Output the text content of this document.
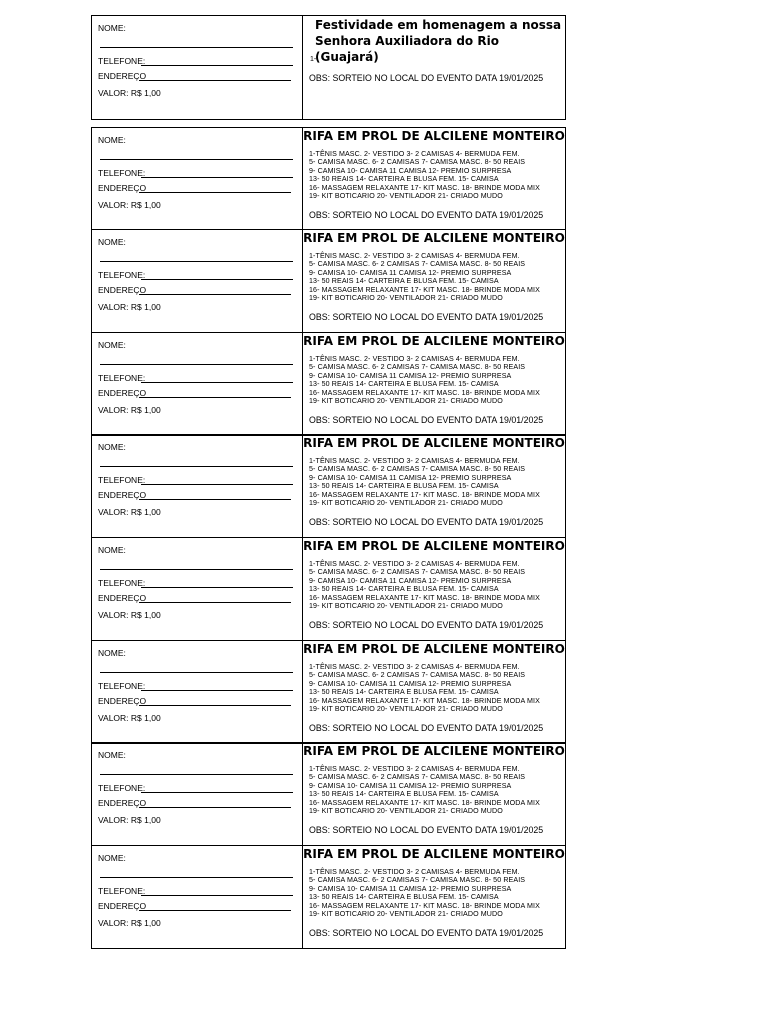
NOME:
TELEFONE:
ENDEREÇO
VALOR: R$ 1,00
Festividade em homenagem a nossa
Senhora Auxiliadora do Rio (Guajará)
1-
OBS: SORTEIO NO LOCAL DO EVENTO DATA 19/01/2025
NOME:
TELEFONE:
ENDEREÇO
VALOR: R$ 1,00
RIFA EM PROL DE ALCILENE MONTEIRO
1-TÊNIS MASC. 2- VESTIDO 3- 2 CAMISAS 4- BERMUDA FEM.
5- CAMISA MASC. 6- 2 CAMISAS 7- CAMISA MASC. 8- 50 REAIS
9- CAMISA 10- CAMISA 11 CAMISA 12- PREMIO SURPRESA
13- 50 REAIS 14- CARTEIRA E BLUSA FEM. 15- CAMISA
16- MASSAGEM RELAXANTE 17- KIT MASC. 18- BRINDE MODA MIX
19- KIT BOTICARIO 20- VENTILADOR 21- CRIADO MUDO
OBS: SORTEIO NO LOCAL DO EVENTO DATA 19/01/2025
NOME:
TELEFONE:
ENDEREÇO
VALOR: R$ 1,00
RIFA EM PROL DE ALCILENE MONTEIRO
1-TÊNIS MASC. 2- VESTIDO 3- 2 CAMISAS 4- BERMUDA FEM.
5- CAMISA MASC. 6- 2 CAMISAS 7- CAMISA MASC. 8- 50 REAIS
9- CAMISA 10- CAMISA 11 CAMISA 12- PREMIO SURPRESA
13- 50 REAIS 14- CARTEIRA E BLUSA FEM. 15- CAMISA
16- MASSAGEM RELAXANTE 17- KIT MASC. 18- BRINDE MODA MIX
19- KIT BOTICARIO 20- VENTILADOR 21- CRIADO MUDO
OBS: SORTEIO NO LOCAL DO EVENTO DATA 19/01/2025
NOME:
TELEFONE:
ENDEREÇO
VALOR: R$ 1,00
RIFA EM PROL DE ALCILENE MONTEIRO
1-TÊNIS MASC. 2- VESTIDO 3- 2 CAMISAS 4- BERMUDA FEM.
5- CAMISA MASC. 6- 2 CAMISAS 7- CAMISA MASC. 8- 50 REAIS
9- CAMISA 10- CAMISA 11 CAMISA 12- PREMIO SURPRESA
13- 50 REAIS 14- CARTEIRA E BLUSA FEM. 15- CAMISA
16- MASSAGEM RELAXANTE 17- KIT MASC. 18- BRINDE MODA MIX
19- KIT BOTICARIO 20- VENTILADOR 21- CRIADO MUDO
OBS: SORTEIO NO LOCAL DO EVENTO DATA 19/01/2025
NOME:
TELEFONE:
ENDEREÇO
VALOR: R$ 1,00
RIFA EM PROL DE ALCILENE MONTEIRO
1-TÊNIS MASC. 2- VESTIDO 3- 2 CAMISAS 4- BERMUDA FEM.
5- CAMISA MASC. 6- 2 CAMISAS 7- CAMISA MASC. 8- 50 REAIS
9- CAMISA 10- CAMISA 11 CAMISA 12- PREMIO SURPRESA
13- 50 REAIS 14- CARTEIRA E BLUSA FEM. 15- CAMISA
16- MASSAGEM RELAXANTE 17- KIT MASC. 18- BRINDE MODA MIX
19- KIT BOTICARIO 20- VENTILADOR 21- CRIADO MUDO
OBS: SORTEIO NO LOCAL DO EVENTO DATA 19/01/2025
NOME:
TELEFONE:
ENDEREÇO
VALOR: R$ 1,00
RIFA EM PROL DE ALCILENE MONTEIRO
1-TÊNIS MASC. 2- VESTIDO 3- 2 CAMISAS 4- BERMUDA FEM.
5- CAMISA MASC. 6- 2 CAMISAS 7- CAMISA MASC. 8- 50 REAIS
9- CAMISA 10- CAMISA 11 CAMISA 12- PREMIO SURPRESA
13- 50 REAIS 14- CARTEIRA E BLUSA FEM. 15- CAMISA
16- MASSAGEM RELAXANTE 17- KIT MASC. 18- BRINDE MODA MIX
19- KIT BOTICARIO 20- VENTILADOR 21- CRIADO MUDO
OBS: SORTEIO NO LOCAL DO EVENTO DATA 19/01/2025
NOME:
TELEFONE:
ENDEREÇO
VALOR: R$ 1,00
RIFA EM PROL DE ALCILENE MONTEIRO
1-TÊNIS MASC. 2- VESTIDO 3- 2 CAMISAS 4- BERMUDA FEM.
5- CAMISA MASC. 6- 2 CAMISAS 7- CAMISA MASC. 8- 50 REAIS
9- CAMISA 10- CAMISA 11 CAMISA 12- PREMIO SURPRESA
13- 50 REAIS 14- CARTEIRA E BLUSA FEM. 15- CAMISA
16- MASSAGEM RELAXANTE 17- KIT MASC. 18- BRINDE MODA MIX
19- KIT BOTICARIO 20- VENTILADOR 21- CRIADO MUDO
OBS: SORTEIO NO LOCAL DO EVENTO DATA 19/01/2025
NOME:
TELEFONE:
ENDEREÇO
VALOR: R$ 1,00
RIFA EM PROL DE ALCILENE MONTEIRO
1-TÊNIS MASC. 2- VESTIDO 3- 2 CAMISAS 4- BERMUDA FEM.
5- CAMISA MASC. 6- 2 CAMISAS 7- CAMISA MASC. 8- 50 REAIS
9- CAMISA 10- CAMISA 11 CAMISA 12- PREMIO SURPRESA
13- 50 REAIS 14- CARTEIRA E BLUSA FEM. 15- CAMISA
16- MASSAGEM RELAXANTE 17- KIT MASC. 18- BRINDE MODA MIX
19- KIT BOTICARIO 20- VENTILADOR 21- CRIADO MUDO
OBS: SORTEIO NO LOCAL DO EVENTO DATA 19/01/2025
NOME:
TELEFONE:
ENDEREÇO
VALOR: R$ 1,00
RIFA EM PROL DE ALCILENE MONTEIRO
1-TÊNIS MASC. 2- VESTIDO 3- 2 CAMISAS 4- BERMUDA FEM.
5- CAMISA MASC. 6- 2 CAMISAS 7- CAMISA MASC. 8- 50 REAIS
9- CAMISA 10- CAMISA 11 CAMISA 12- PREMIO SURPRESA
13- 50 REAIS 14- CARTEIRA E BLUSA FEM. 15- CAMISA
16- MASSAGEM RELAXANTE 17- KIT MASC. 18- BRINDE MODA MIX
19- KIT BOTICARIO 20- VENTILADOR 21- CRIADO MUDO
OBS: SORTEIO NO LOCAL DO EVENTO DATA 19/01/2025
